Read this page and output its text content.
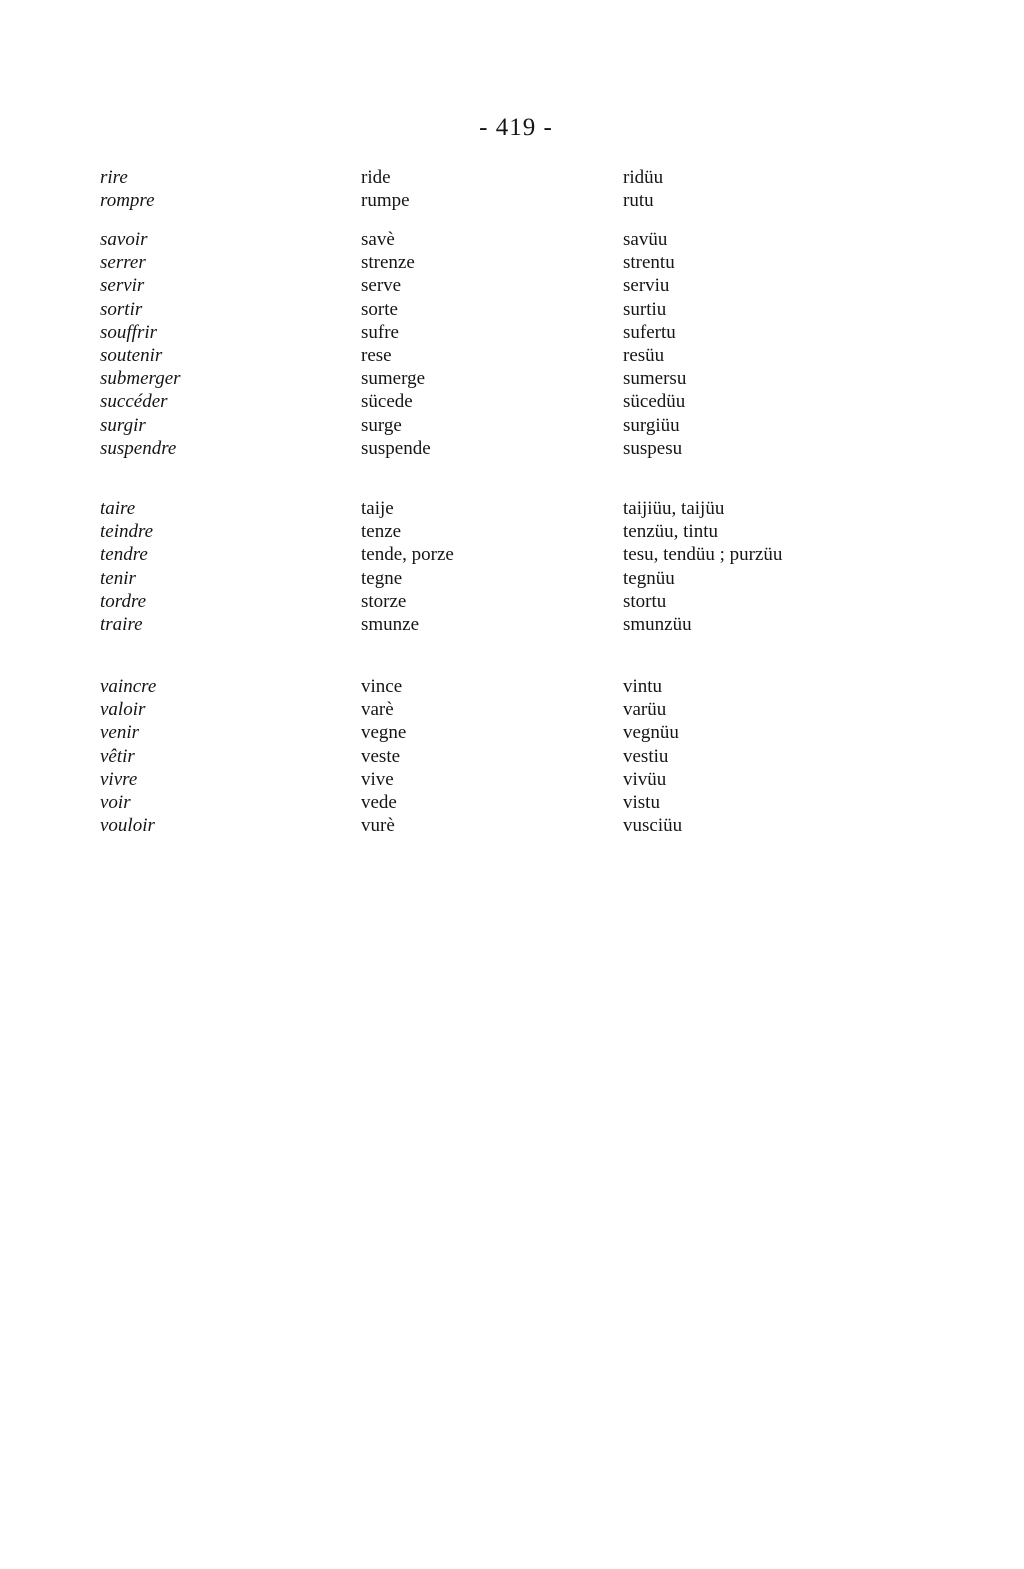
- 419 -
rire	ride	ridüu
rompre	rumpe	rutu
savoir	savè	savüu
serrer	strenze	strentu
servir	serve	serviu
sortir	sorte	surtiu
souffrir	sufre	sufertu
soutenir	rese	resüu
submerger	sumerge	sumersu
succéder	sücede	sücedüu
surgir	surge	surgiüu
suspendre	suspende	suspesu
taire	taije	taijiüu, taijüu
teindre	tenze	tenzüu, tintu
tendre	tende, porze	tesu, tendüu ; purzüu
tenir	tegne	tegnüu
tordre	storze	stortu
traire	smunze	smunzüu
vaincre	vince	vintu
valoir	varè	varüu
venir	vegne	vegnüu
vêtir	veste	vestiu
vivre	vive	vivüu
voir	vede	vistu
vouloir	vurè	vusciüu
